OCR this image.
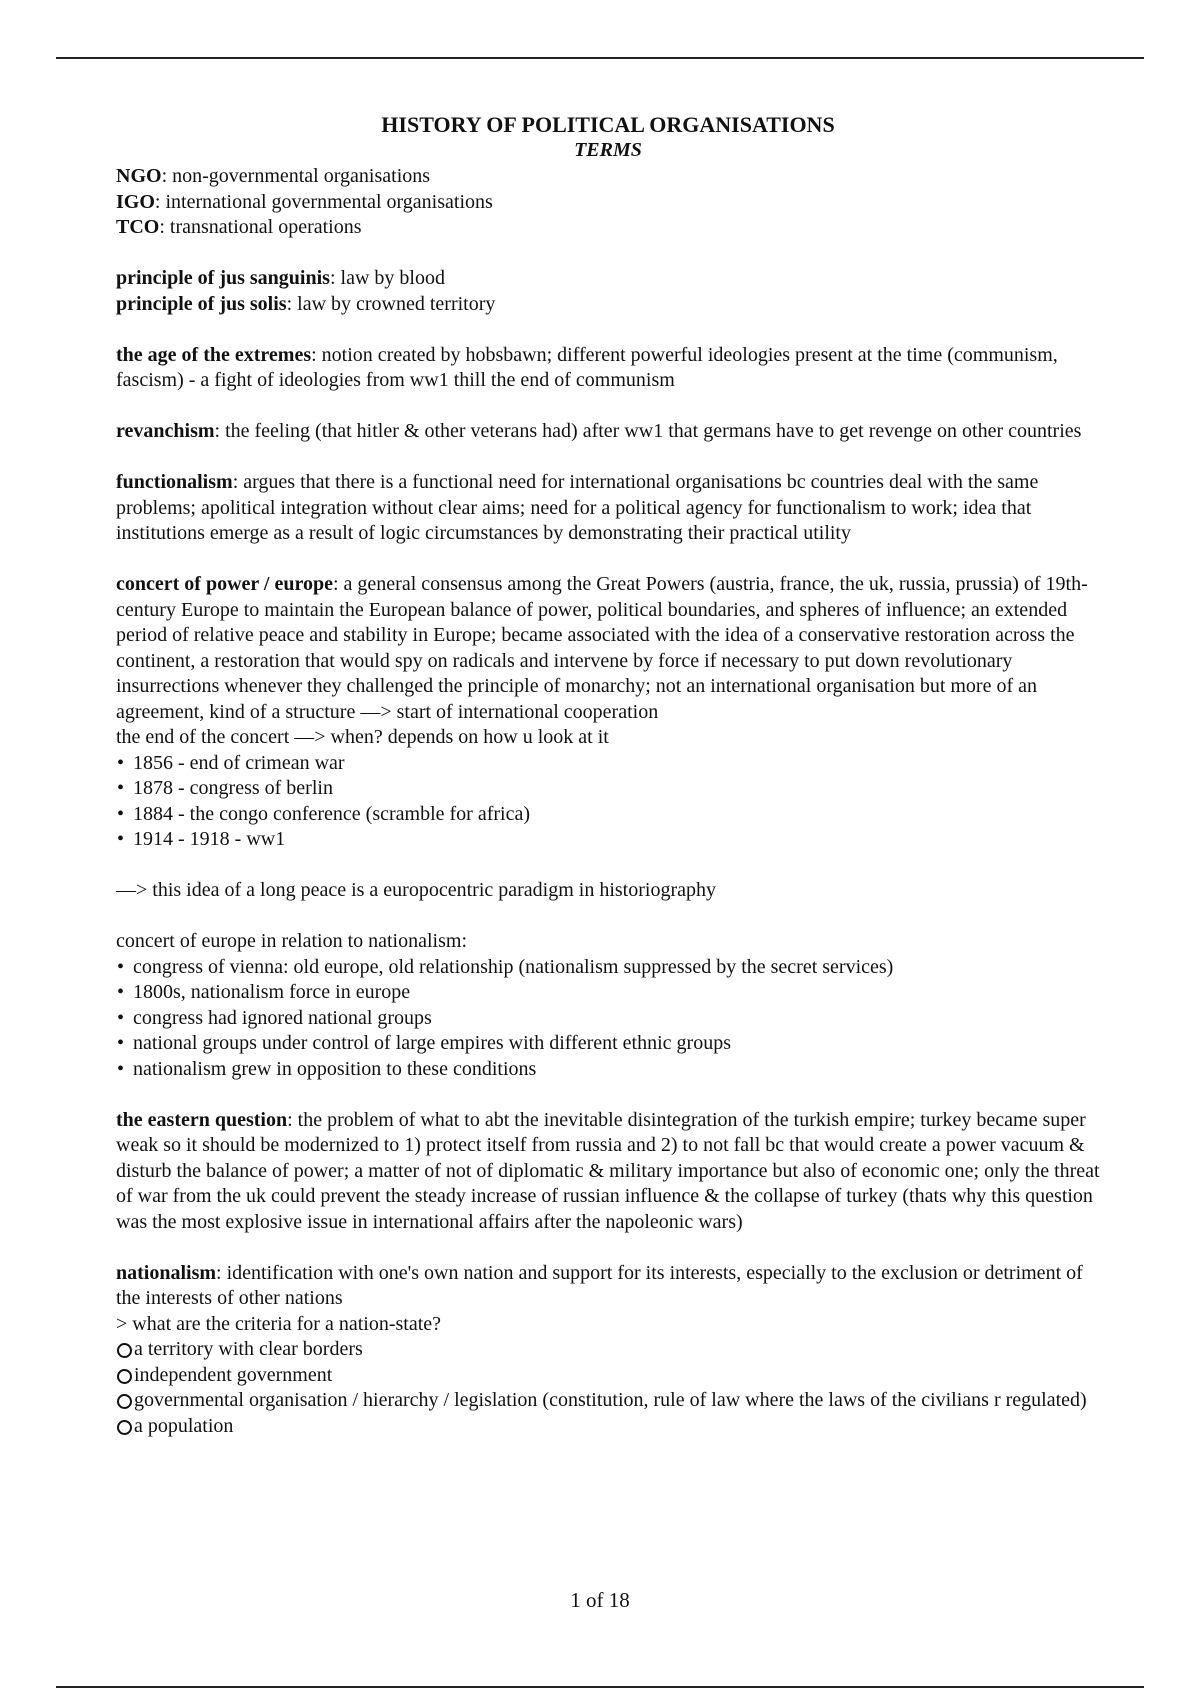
HISTORY OF POLITICAL ORGANISATIONS

TERMS

NGO: non-governmental organisations

IGO: international governmental organisations

TCO: transnational operations

principle of jus sanguinis: law by blood

principle of jus solis: law by crowned territory

the age of the extremes: notion created by hobsbawn; different powerful ideologies present at the time (communism, fascism) - a fight of ideologies from ww1 thill the end of communism

revanchism: the feeling (that hitler & other veterans had) after ww1 that germans have to get revenge on other countries

functionalism: argues that there is a functional need for international organisations bc countries deal with the same problems; apolitical integration without clear aims; need for a political agency for functionalism to work; idea that institutions emerge as a result of logic circumstances by demonstrating their practical utility

concert of power / europe: a general consensus among the Great Powers (austria, france, the uk, russia, prussia) of 19th-century Europe to maintain the European balance of power, political boundaries, and spheres of influence; an extended period of relative peace and stability in Europe; became associated with the idea of a conservative restoration across the continent, a restoration that would spy on radicals and intervene by force if necessary to put down revolutionary insurrections whenever they challenged the principle of monarchy; not an international organisation but more of an agreement, kind of a structure —> start of international cooperation

the end of the concert —> when? depends on how u look at it

• 1856 - end of crimean war
• 1878 - congress of berlin
• 1884 - the congo conference (scramble for africa)
• 1914 - 1918 - ww1

—> this idea of a long peace is a europocentric paradigm in historiography

concert of europe in relation to nationalism:

• congress of vienna: old europe, old relationship (nationalism suppressed by the secret services)
• 1800s, nationalism force in europe
• congress had ignored national groups
• national groups under control of large empires with different ethnic groups
• nationalism grew in opposition to these conditions

the eastern question: the problem of what to abt the inevitable disintegration of the turkish empire; turkey became super weak so it should be modernized to 1) protect itself from russia and 2) to not fall bc that would create a power vacuum & disturb the balance of power; a matter of not of diplomatic & military importance but also of economic one; only the threat of war from the uk could prevent the steady increase of russian influence & the collapse of turkey (thats why this question was the most explosive issue in international affairs after the napoleonic wars)

nationalism: identification with one's own nation and support for its interests, especially to the exclusion or detriment of the interests of other nations

> what are the criteria for a nation-state?

a territory with clear borders
independent government
governmental organisation / hierarchy / legislation (constitution, rule of law where the laws of the civilians r regulated)
a population
1 of 18
